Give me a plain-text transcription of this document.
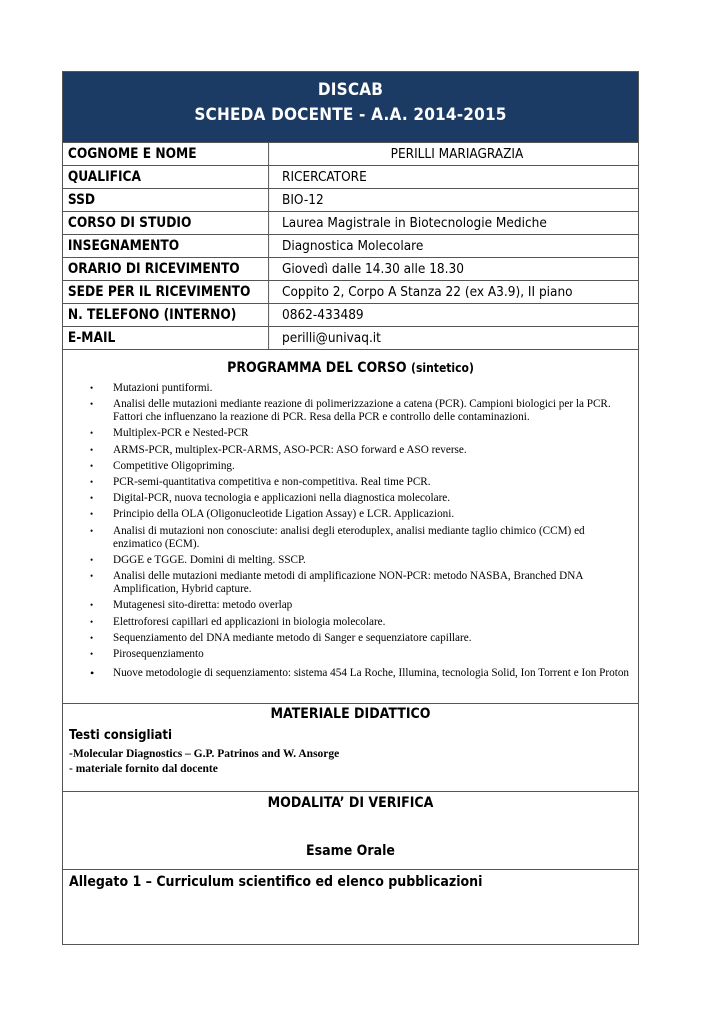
DISCAB
SCHEDA DOCENTE - A.A. 2014-2015
COGNOME E NOME	PERILLI MARIAGRAZIA
QUALIFICA	RICERCATORE
SSD	BIO-12
CORSO DI STUDIO	Laurea Magistrale in Biotecnologie Mediche
INSEGNAMENTO	Diagnostica Molecolare
ORARIO DI RICEVIMENTO	Giovedì dalle 14.30 alle 18.30
SEDE PER IL RICEVIMENTO	Coppito 2, Corpo A Stanza 22 (ex A3.9), II piano
N. TELEFONO (INTERNO)	0862-433489
E-MAIL	perilli@univaq.it
PROGRAMMA DEL CORSO (sintetico)
• Mutazioni puntiformi.
• Analisi delle mutazioni mediante reazione di polimerizzazione a catena (PCR). Campioni biologici per la PCR. Fattori che influenzano la reazione di PCR. Resa della PCR e controllo delle contaminazioni.
• Multiplex-PCR e Nested-PCR
• ARMS-PCR, multiplex-PCR-ARMS, ASO-PCR: ASO forward e ASO reverse.
• Competitive Oligopriming.
• PCR-semi-quantitativa competitiva e non-competitiva. Real time PCR.
• Digital-PCR, nuova tecnologia e applicazioni nella diagnostica molecolare.
• Principio della OLA (Oligonucleotide Ligation Assay) e LCR. Applicazioni.
• Analisi di mutazioni non conosciute: analisi degli eteroduplex, analisi mediante taglio chimico (CCM) ed enzimatico (ECM).
• DGGE e TGGE. Domini di melting. SSCP.
• Analisi delle mutazioni mediante metodi di amplificazione NON-PCR: metodo NASBA, Branched DNA Amplification, Hybrid capture.
• Mutagenesi sito-diretta: metodo overlap
• Elettroforesi capillari ed applicazioni in biologia molecolare.
• Sequenziamento del DNA mediante metodo di Sanger e sequenziatore capillare.
• Pirosequenziamento
• Nuove metodologie di sequenziamento: sistema 454 La Roche, Illumina, tecnologia Solid, Ion Torrent e Ion Proton
MATERIALE DIDATTICO
Testi consigliati
-Molecular Diagnostics – G.P. Patrinos and W. Ansorge
- materiale fornito dal docente
MODALITA’ DI VERIFICA
Esame Orale
Allegato 1 – Curriculum scientifico ed elenco pubblicazioni
